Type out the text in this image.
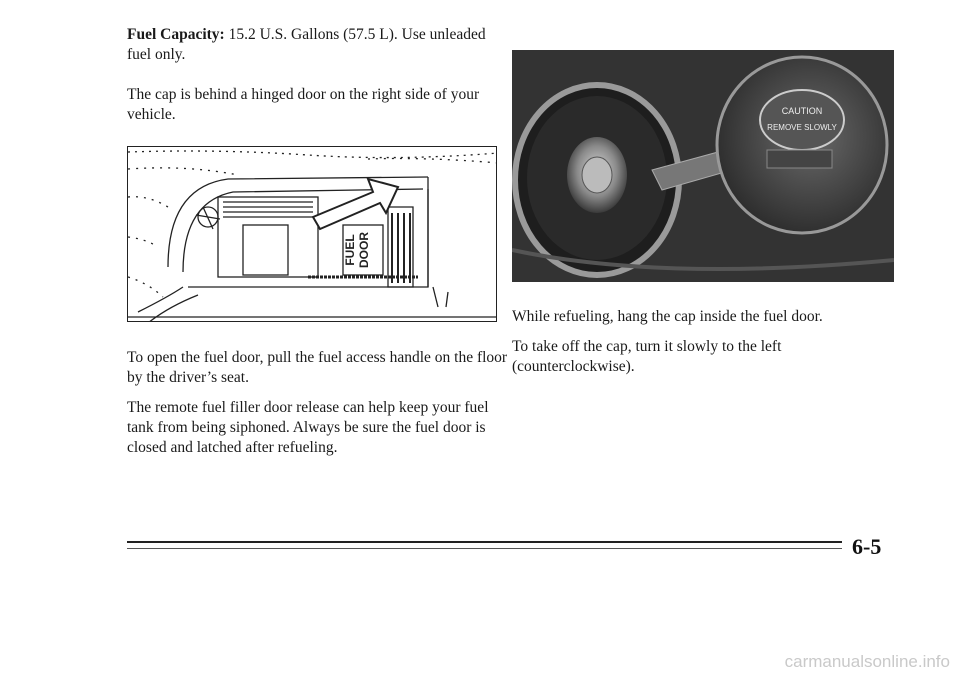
Fuel Capacity: 15.2 U.S. Gallons (57.5 L). Use unleaded fuel only.

The cap is behind a hinged door on the right side of your vehicle.

FUEL DOOR

To open the fuel door, pull the fuel access handle on the floor by the driver’s seat.

The remote fuel filler door release can help keep your fuel tank from being siphoned. Always be sure the fuel door is closed and latched after refueling.

CAUTION
REMOVE SLOWLY

While refueling, hang the cap inside the fuel door.

To take off the cap, turn it slowly to the left (counterclockwise).

6-5
carmanualsonline.info
